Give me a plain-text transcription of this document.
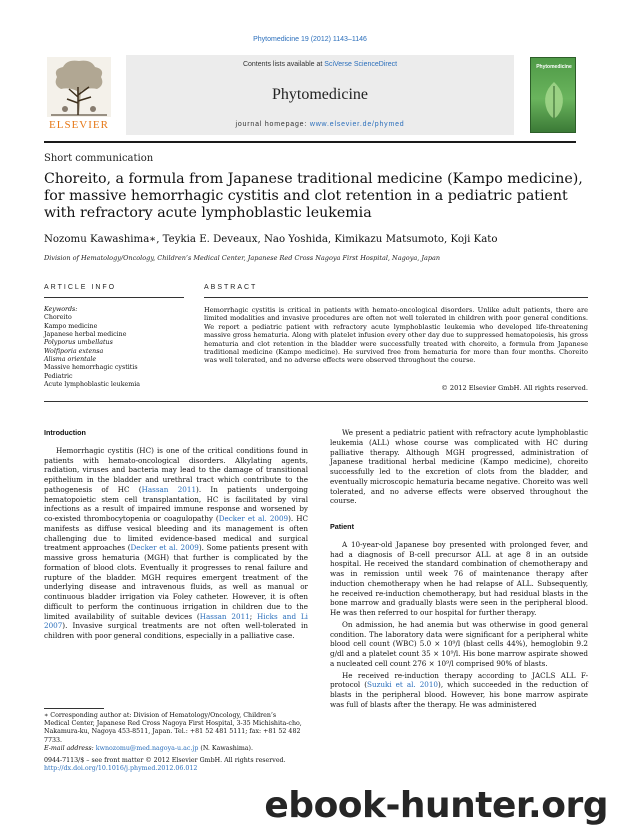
Phytomedicine 19 (2012) 1143–1146
ELSEVIER
Contents lists available at SciVerse ScienceDirect
Phytomedicine
journal homepage: www.elsevier.de/phymed
Phytomedicine
Short communication
Choreito, a formula from Japanese traditional medicine (Kampo medicine), for massive hemorrhagic cystitis and clot retention in a pediatric patient with refractory acute lymphoblastic leukemia
Nozomu Kawashima∗, Teykia E. Deveaux, Nao Yoshida, Kimikazu Matsumoto, Koji Kato
Division of Hematology/Oncology, Children’s Medical Center, Japanese Red Cross Nagoya First Hospital, Nagoya, Japan
ARTICLE INFO
Keywords:
Choreito
Kampo medicine
Japanese herbal medicine
Polyporus umbellatus
Wolfiporia extensa
Alisma orientale
Massive hemorrhagic cystitis
Pediatric
Acute lymphoblastic leukemia
ABSTRACT
Hemorrhagic cystitis is critical in patients with hemato-oncological disorders. Unlike adult patients, there are limited modalities and invasive procedures are often not well tolerated in children with poor general conditions. We report a pediatric patient with refractory acute lymphoblastic leukemia who developed life-threatening massive gross hematuria. Along with platelet infusion every other day due to suppressed hematopoiesis, his gross hematuria and clot retention in the bladder were successfully treated with choreito, a formula from Japanese traditional medicine (Kampo medicine). He survived free from hematuria for more than four months. Choreito was well tolerated, and no adverse effects were observed throughout the course.
© 2012 Elsevier GmbH. All rights reserved.
Introduction

Hemorrhagic cystitis (HC) is one of the critical conditions found in patients with hemato-oncological disorders. Alkylating agents, radiation, viruses and bacteria may lead to the damage of transitional epithelium in the bladder and urethral tract which contribute to the pathogenesis of HC (Hassan 2011). In patients undergoing hematopoietic stem cell transplantation, HC is facilitated by viral infections as a result of impaired immune response and worsened by co-existed thrombocytopenia or coagulopathy (Decker et al. 2009). HC manifests as diffuse vesical bleeding and its management is often challenging due to limited evidence-based medical and surgical treatment approaches (Decker et al. 2009). Some patients present with massive gross hematuria (MGH) that further is complicated by the formation of blood clots. Eventually it progresses to renal failure and rupture of the bladder. MGH requires emergent treatment of the underlying disease and intravenous fluids, as well as manual or continuous bladder irrigation via Foley catheter. However, it is often difficult to perform the continuous irrigation in children due to the limited availability of suitable devices (Hassan 2011; Hicks and Li 2007). Invasive surgical treatments are not often well-tolerated in children with poor general conditions, especially in a palliative case.

We present a pediatric patient with refractory acute lymphoblastic leukemia (ALL) whose course was complicated with HC during palliative therapy. Although MGH progressed, administration of Japanese traditional herbal medicine (Kampo medicine), choreito successfully led to the excretion of clots from the bladder, and eventually microscopic hematuria became negative. Choreito was well tolerated, and no adverse effects were observed throughout the course.

Patient

A 10-year-old Japanese boy presented with prolonged fever, and had a diagnosis of B-cell precursor ALL at age 8 in an outside hospital. He received the standard combination of chemotherapy and was in remission until week 76 of maintenance therapy after induction chemotherapy when he had relapse of ALL. Subsequently, he received re-induction chemotherapy, but had residual blasts in the bone marrow and gradually blasts were seen in the peripheral blood. He was then referred to our hospital for further therapy.

On admission, he had anemia but was otherwise in good general condition. The laboratory data were significant for a peripheral white blood cell count (WBC) 5.0 × 10⁹/l (blast cells 44%), hemoglobin 9.2 g/dl and a platelet count 35 × 10⁹/l. His bone marrow aspirate showed a nucleated cell count 276 × 10⁹/l comprised 90% of blasts.

He received re-induction therapy according to JACLS ALL F-protocol (Suzuki et al. 2010), which succeeded in the reduction of blasts in the peripheral blood. However, his bone marrow aspirate was full of blasts after the therapy. He was administered

∗ Corresponding author at: Division of Hematology/Oncology, Children’s Medical Center, Japanese Red Cross Nagoya First Hospital, 3-35 Michishita-cho, Nakamura-ku, Nagoya 453-8511, Japan. Tel.: +81 52 481 5111; fax: +81 52 482 7733.
E-mail address: kwnozomu@med.nagoya-u.ac.jp (N. Kawashima).
0944-7113/$ – see front matter © 2012 Elsevier GmbH. All rights reserved.
http://dx.doi.org/10.1016/j.phymed.2012.06.012
ebook-hunter.org
